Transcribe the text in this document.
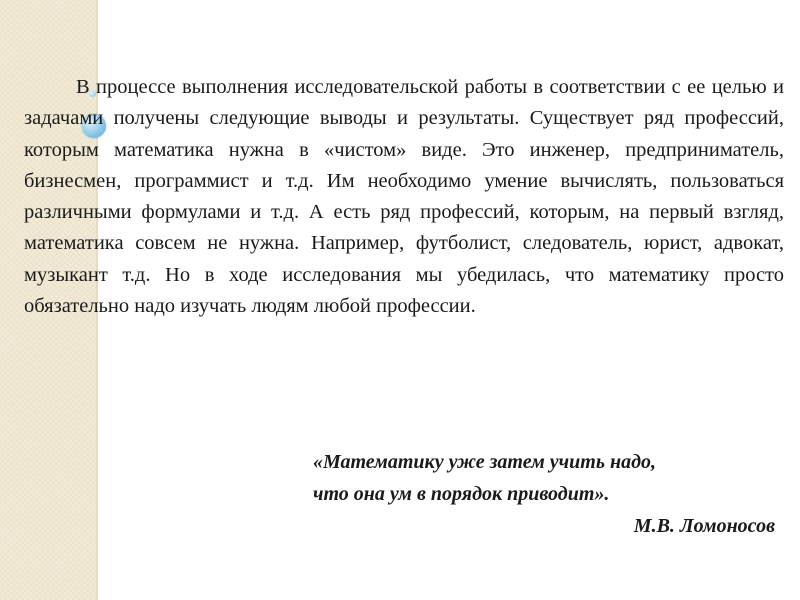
В процессе выполнения исследовательской работы в соответствии с ее целью и задачами получены следующие выводы и результаты. Существует ряд профессий, которым математика нужна в «чистом» виде. Это инженер, предприниматель, бизнесмен, программист и т.д. Им необходимо умение вычислять, пользоваться различными формулами и т.д. А есть ряд профессий, которым, на первый взгляд, математика совсем не нужна. Например, футболист, следователь, юрист, адвокат, музыкант т.д. Но в ходе исследования мы убедилась, что математику просто обязательно надо изучать людям любой профессии.

«Математику уже затем учить надо,
что она ум в порядок приводит».
М.В. Ломоносов
